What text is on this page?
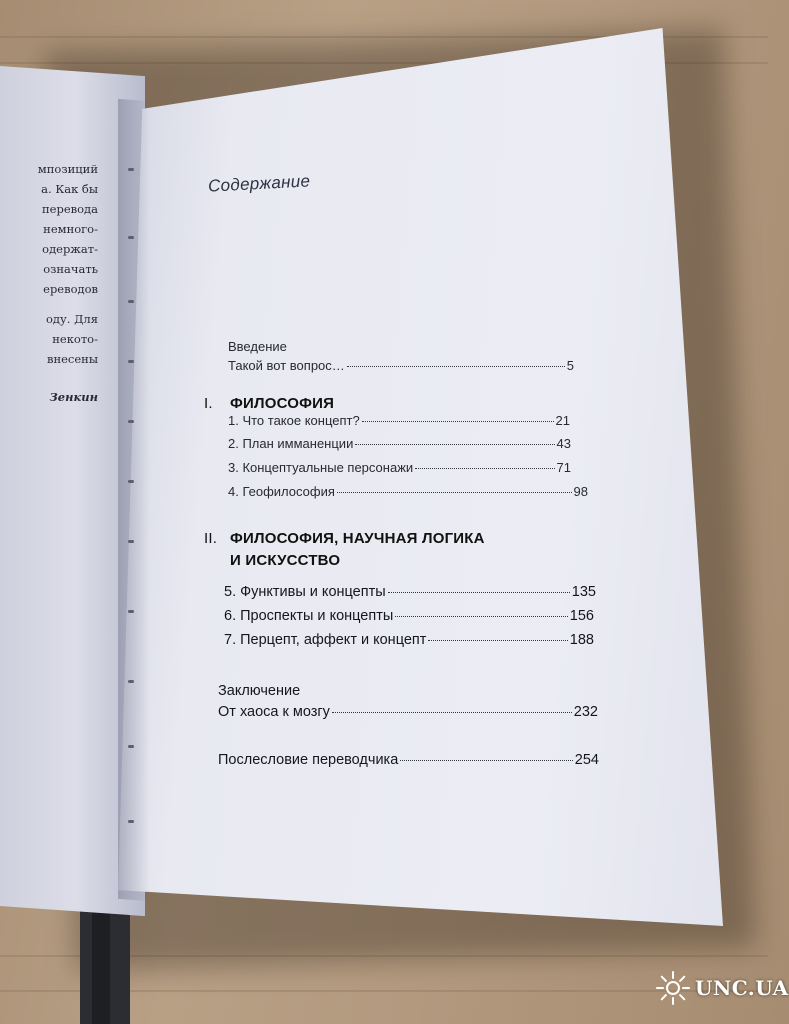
мпозиций
а. Как бы
перевода
немного-
одержат-
означать
ереводов
оду. Для
некото-
внесены
Зенкин
Содержание
Введение
Такой вот вопрос…	5
I. ФИЛОСОФИЯ
1. Что такое концепт?	21
2. План имманенции	43
3. Концептуальные персонажи	71
4. Геофилософия	98
II. ФИЛОСОФИЯ, НАУЧНАЯ ЛОГИКА
И ИСКУССТВО
5. Функтивы и концепты	135
6. Проспекты и концепты	156
7. Перцепт, аффект и концепт	188
Заключение
От хаоса к мозгу	232
Послесловие переводчика	254
UNC.UA
